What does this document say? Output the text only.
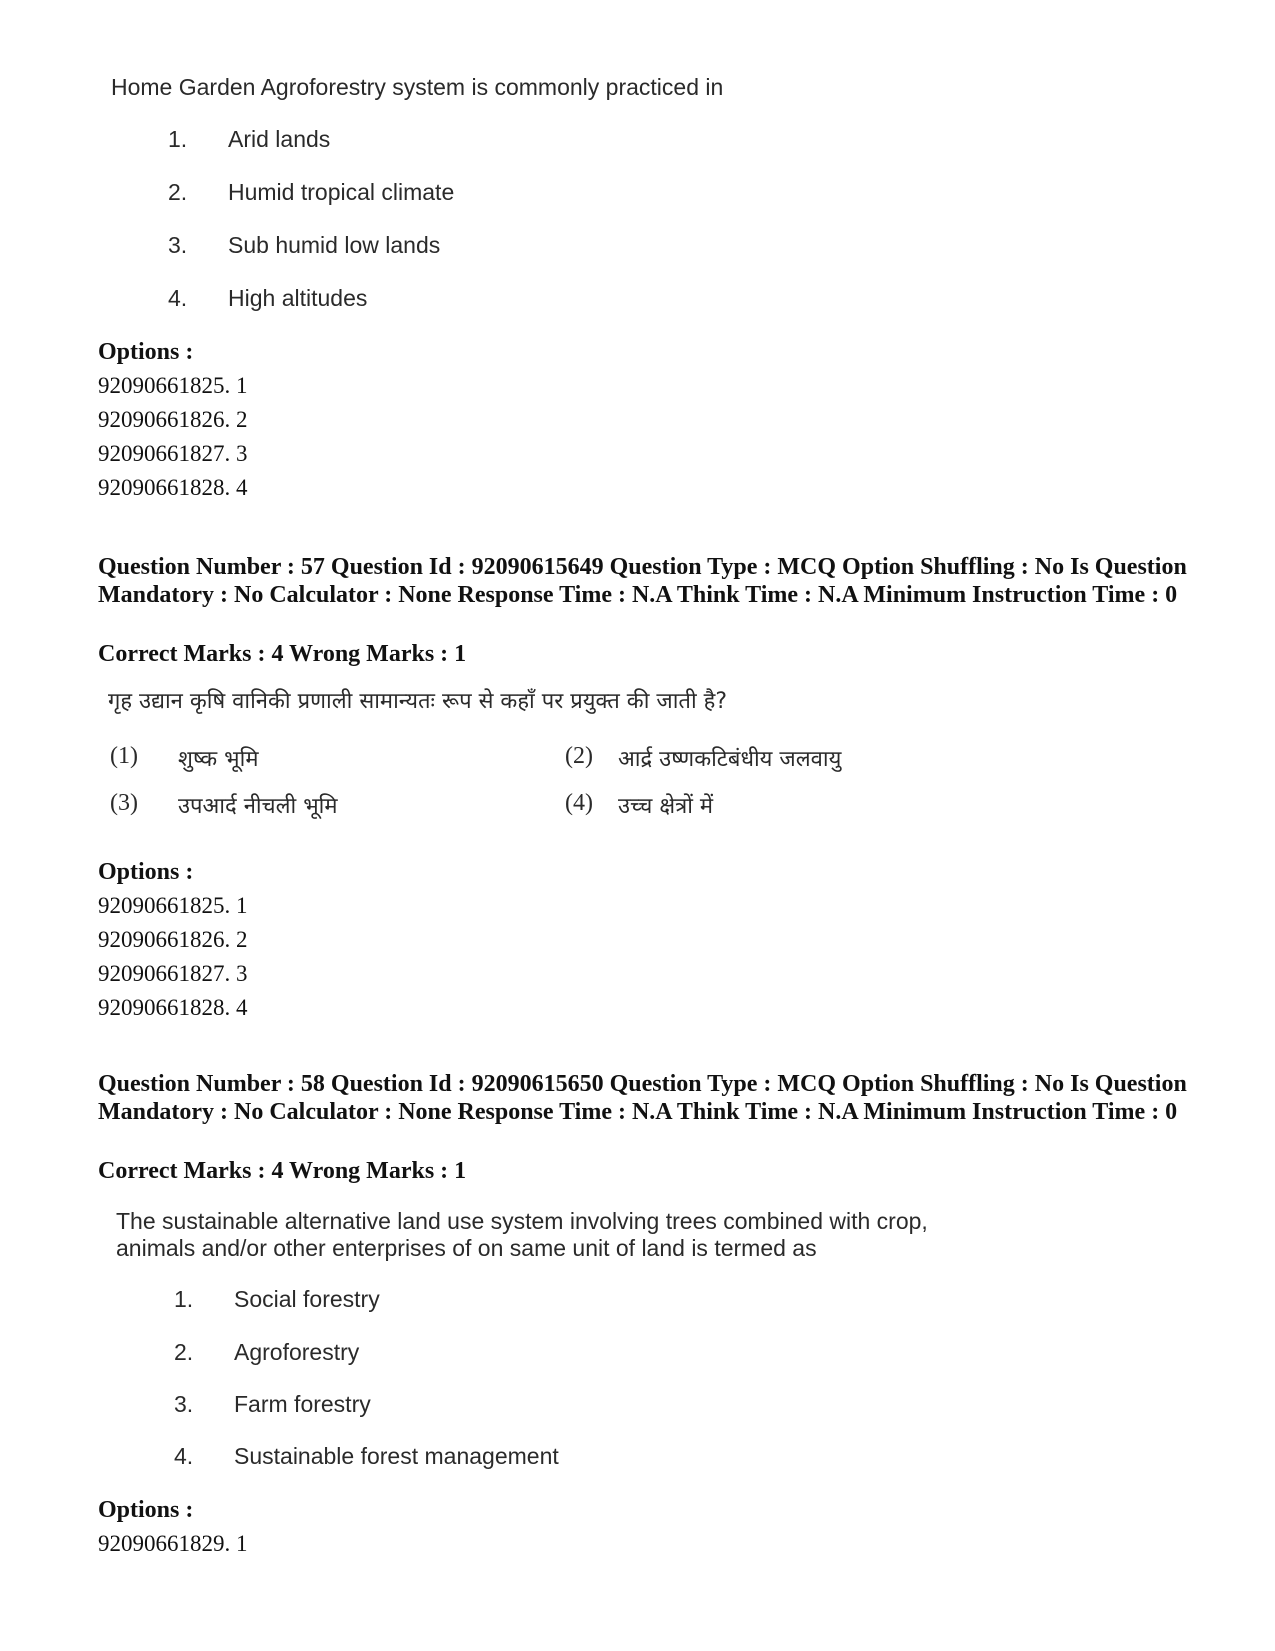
Home Garden Agroforestry system is commonly practiced in
1. Arid lands
2. Humid tropical climate
3. Sub humid low lands
4. High altitudes
Options :
92090661825. 1
92090661826. 2
92090661827. 3
92090661828. 4
Question Number : 57 Question Id : 92090615649 Question Type : MCQ Option Shuffling : No Is Question Mandatory : No Calculator : None Response Time : N.A Think Time : N.A Minimum Instruction Time : 0
Correct Marks : 4 Wrong Marks : 1
गृह उद्यान कृषि वानिकी प्रणाली सामान्यतः रूप से कहाँ पर प्रयुक्त की जाती है?
(1) शुष्क भूमि	(2) आर्द्र उष्णकटिबंधीय जलवायु
(3) उपआर्द नीचली भूमि	(4) उच्च क्षेत्रों में
Options :
92090661825. 1
92090661826. 2
92090661827. 3
92090661828. 4
Question Number : 58 Question Id : 92090615650 Question Type : MCQ Option Shuffling : No Is Question Mandatory : No Calculator : None Response Time : N.A Think Time : N.A Minimum Instruction Time : 0
Correct Marks : 4 Wrong Marks : 1
The sustainable alternative land use system involving trees combined with crop,
animals and/or other enterprises of on same unit of land is termed as
1. Social forestry
2. Agroforestry
3. Farm forestry
4. Sustainable forest management
Options :
92090661829. 1
